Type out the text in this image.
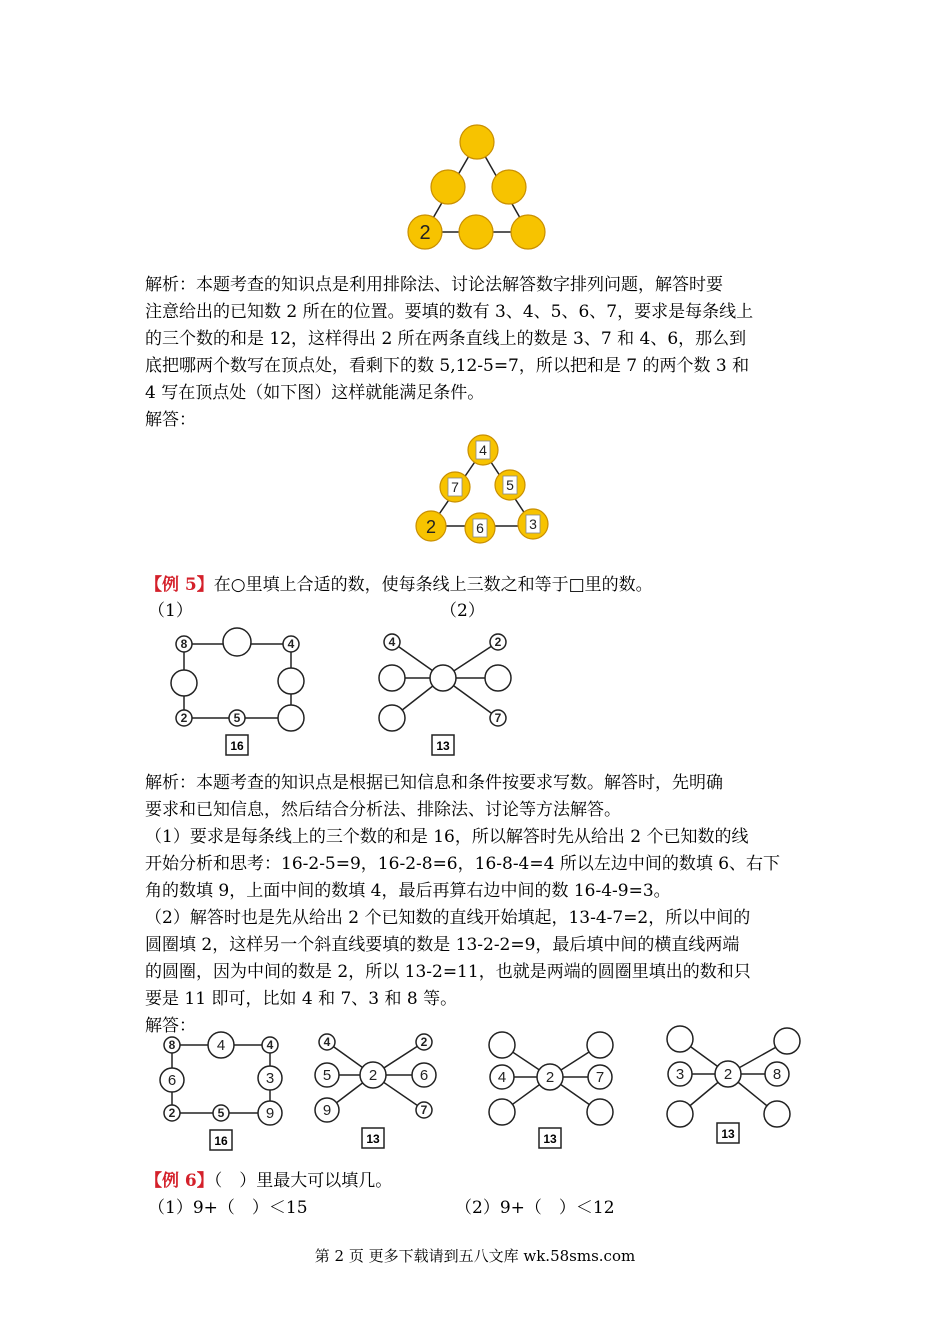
2
解析：本题考查的知识点是利用排除法、讨论法解答数字排列问题，解答时要
注意给出的已知数 2 所在的位置。要填的数有 3、4、5、6、7，要求是每条线上
的三个数的和是 12，这样得出 2 所在两条直线上的数是 3、7 和 4、6，那么到
底把哪两个数写在顶点处，看剩下的数 5,12-5=7，所以把和是 7 的两个数 3 和
4 写在顶点处（如下图）这样就能满足条件。
解答：
4
7	5
2	6	3
【例 5】在○里填上合适的数，使每条线上三数之和等于□里的数。
（1）	（2）
8	4
2	5
16
4	2
7
13
解析：本题考查的知识点是根据已知信息和条件按要求写数。解答时，先明确
要求和已知信息，然后结合分析法、排除法、讨论等方法解答。
（1）要求是每条线上的三个数的和是 16，所以解答时先从给出 2 个已知数的线
开始分析和思考：16-2-5=9，16-2-8=6，16-8-4=4 所以左边中间的数填 6、右下
角的数填 9，上面中间的数填 4，最后再算右边中间的数 16-4-9=3。
（2）解答时也是先从给出 2 个已知数的直线开始填起，13-4-7=2，所以中间的
圆圈填 2，这样另一个斜直线要填的数是 13-2-2=9，最后填中间的横直线两端
的圆圈，因为中间的数是 2，所以 13-2=11，也就是两端的圆圈里填出的数和只
要是 11 即可，比如 4 和 7、3 和 8 等。
解答：
8	4	4
6	3
2	5	9
16
4	2
5	2	6
9	7
13
4	2	7
13
3	2	8
13
【例 6】（　）里最大可以填几。
（1）9+（　）＜15	（2）9+（　）＜12
第 2 页 更多下载请到五八文库 wk.58sms.com
